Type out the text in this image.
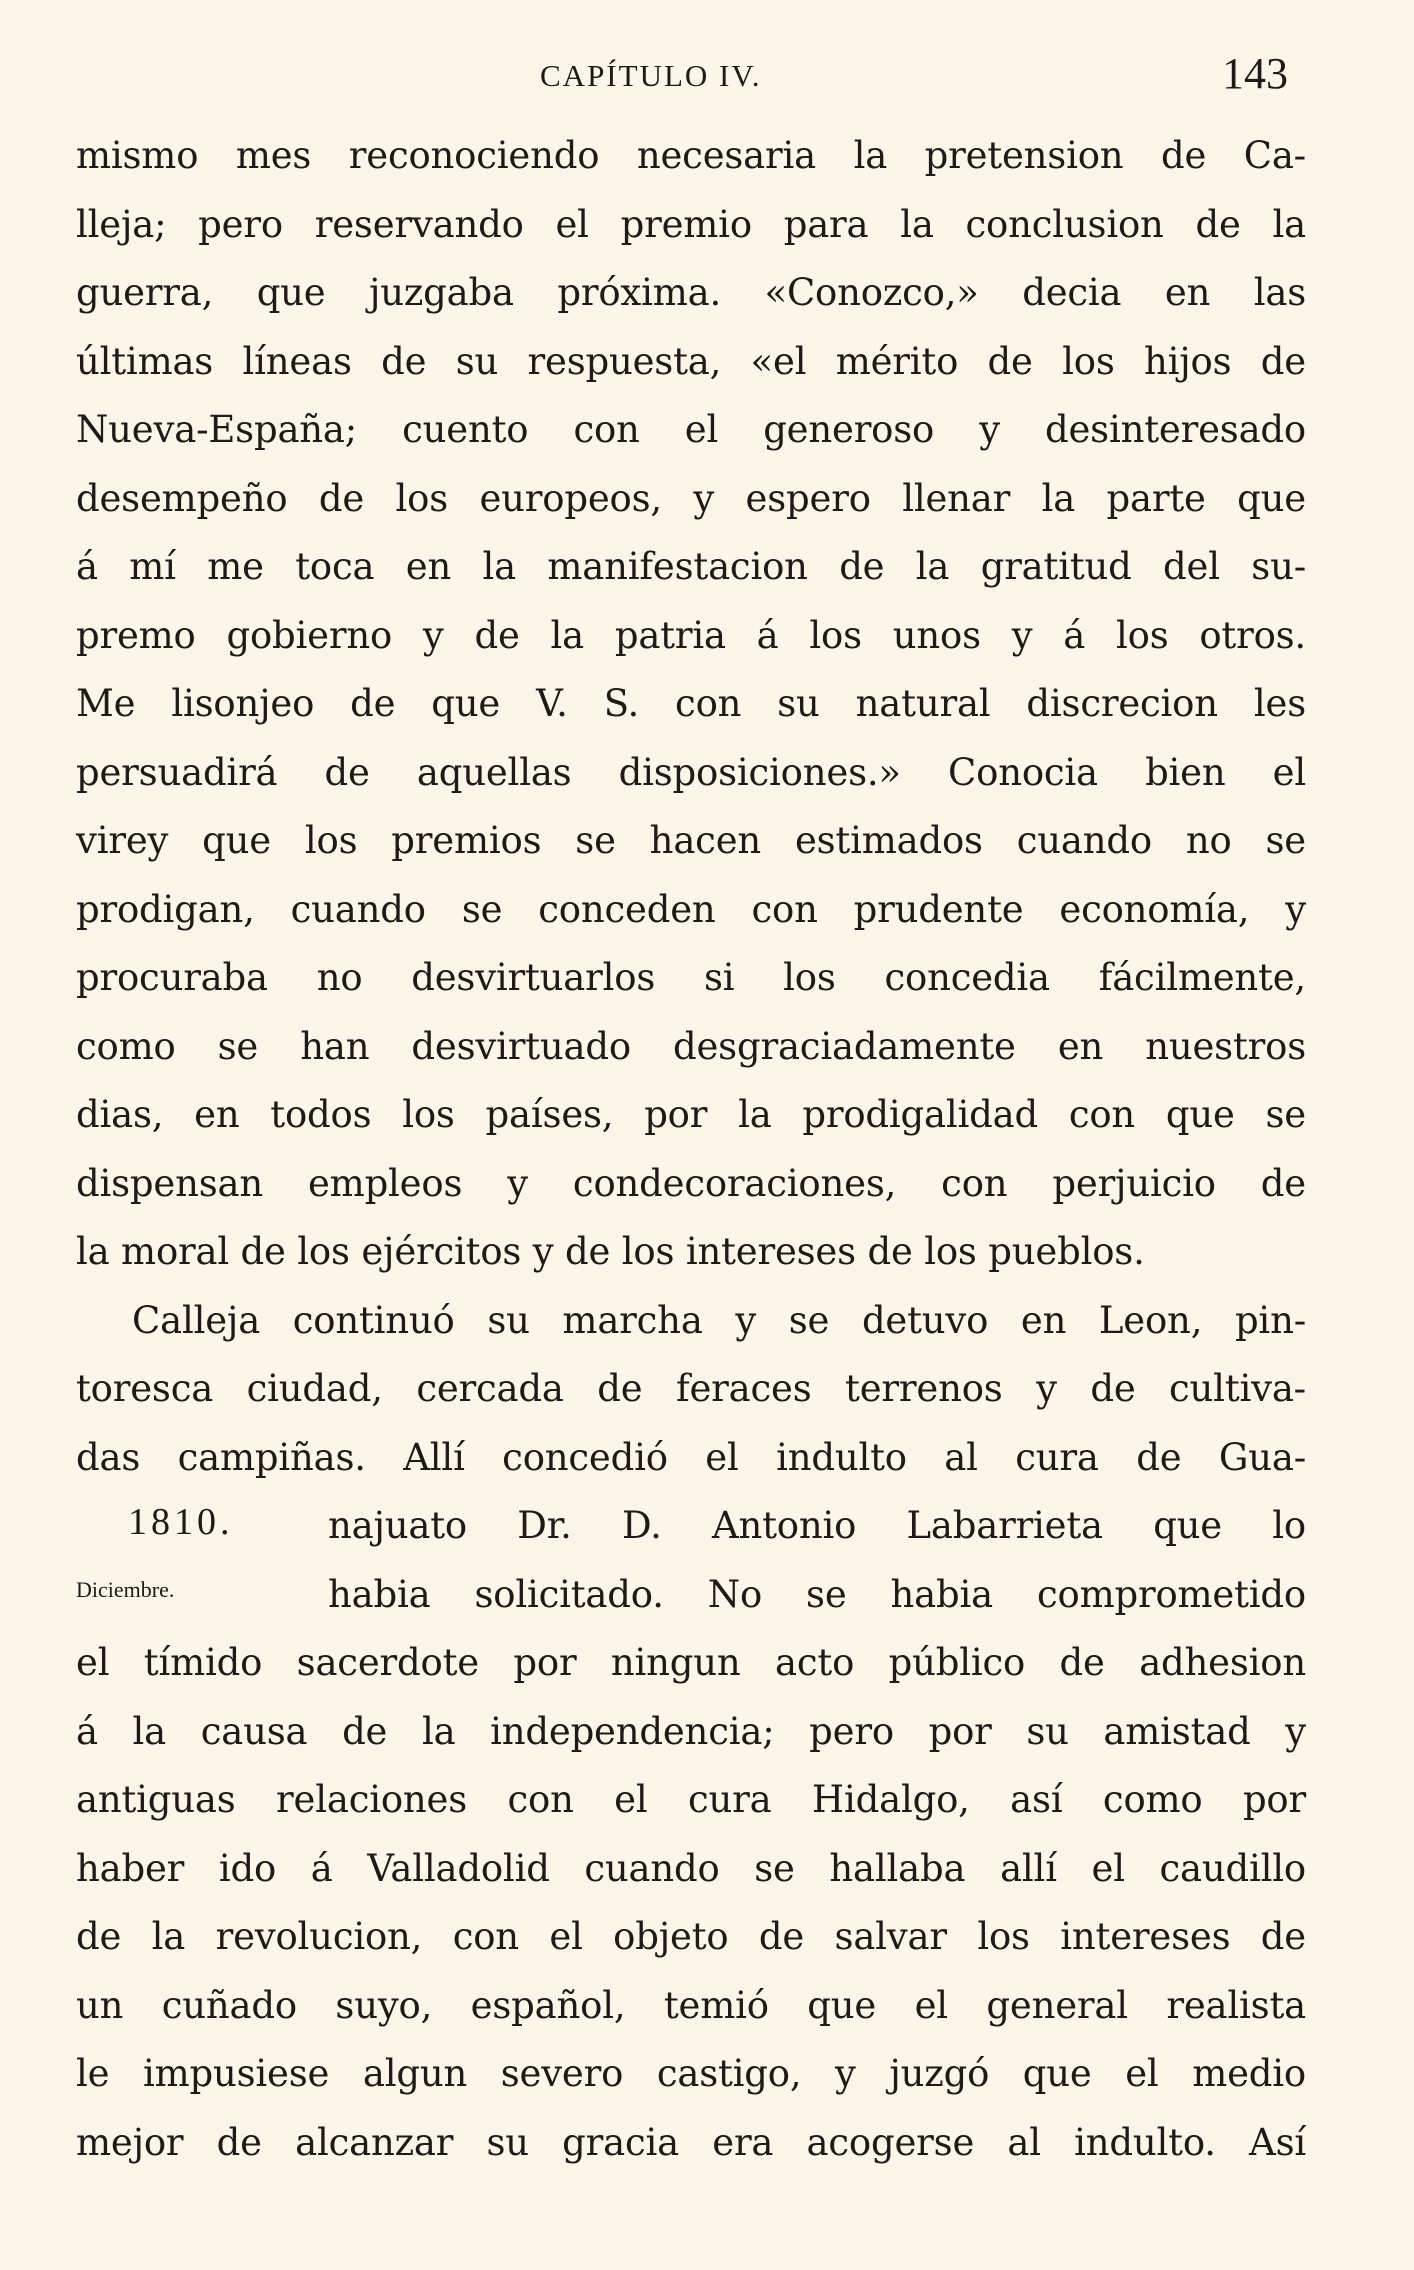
CAPÍTULO IV.	143
1810.
Diciembre.
mismo mes reconociendo necesaria la pretension de Ca-
lleja; pero reservando el premio para la conclusion de la
guerra, que juzgaba próxima. «Conozco,» decia en las
últimas líneas de su respuesta, «el mérito de los hijos de
Nueva-España; cuento con el generoso y desinteresado
desempeño de los europeos, y espero llenar la parte que
á mí me toca en la manifestacion de la gratitud del su-
premo gobierno y de la patria á los unos y á los otros.
Me lisonjeo de que V. S. con su natural discrecion les
persuadirá de aquellas disposiciones.» Conocia bien el
virey que los premios se hacen estimados cuando no se
prodigan, cuando se conceden con prudente economía, y
procuraba no desvirtuarlos si los concedia fácilmente,
como se han desvirtuado desgraciadamente en nuestros
dias, en todos los países, por la prodigalidad con que se
dispensan empleos y condecoraciones, con perjuicio de
la moral de los ejércitos y de los intereses de los pueblos.
Calleja continuó su marcha y se detuvo en Leon, pin-
toresca ciudad, cercada de feraces terrenos y de cultiva-
das campiñas. Allí concedió el indulto al cura de Gua-
najuato Dr. D. Antonio Labarrieta que lo
habia solicitado. No se habia comprometido
el tímido sacerdote por ningun acto público de adhesion
á la causa de la independencia; pero por su amistad y
antiguas relaciones con el cura Hidalgo, así como por
haber ido á Valladolid cuando se hallaba allí el caudillo
de la revolucion, con el objeto de salvar los intereses de
un cuñado suyo, español, temió que el general realista
le impusiese algun severo castigo, y juzgó que el medio
mejor de alcanzar su gracia era acogerse al indulto. Así
